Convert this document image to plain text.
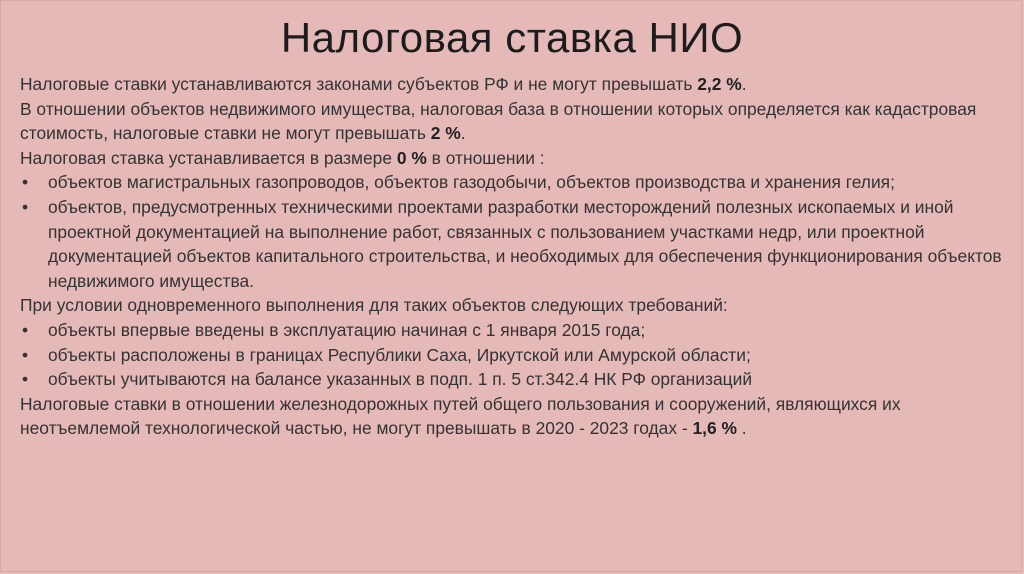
Налоговая ставка НИО

Налоговые ставки устанавливаются законами субъектов РФ и не могут превышать 2,2 %.

В отношении объектов недвижимого имущества, налоговая база в отношении которых определяется как кадастровая стоимость, налоговые ставки не могут превышать 2 %.

Налоговая ставка устанавливается в размере 0 % в отношении :

• объектов магистральных газопроводов, объектов газодобычи, объектов производства и хранения гелия;

• объектов, предусмотренных техническими проектами разработки месторождений полезных ископаемых и иной проектной документацией на выполнение работ, связанных с пользованием участками недр, или проектной документацией объектов капитального строительства, и необходимых для обеспечения функционирования объектов недвижимого имущества.

При условии одновременного выполнения для таких объектов следующих требований:

• объекты впервые введены в эксплуатацию начиная с 1 января 2015 года;

• объекты расположены в границах Республики Саха, Иркутской или Амурской области;

• объекты учитываются на балансе указанных в подп. 1 п. 5 ст.342.4 НК РФ организаций

Налоговые ставки в отношении железнодорожных путей общего пользования и сооружений, являющихся их неотъемлемой технологической частью, не могут превышать в 2020 - 2023 годах - 1,6 % .
